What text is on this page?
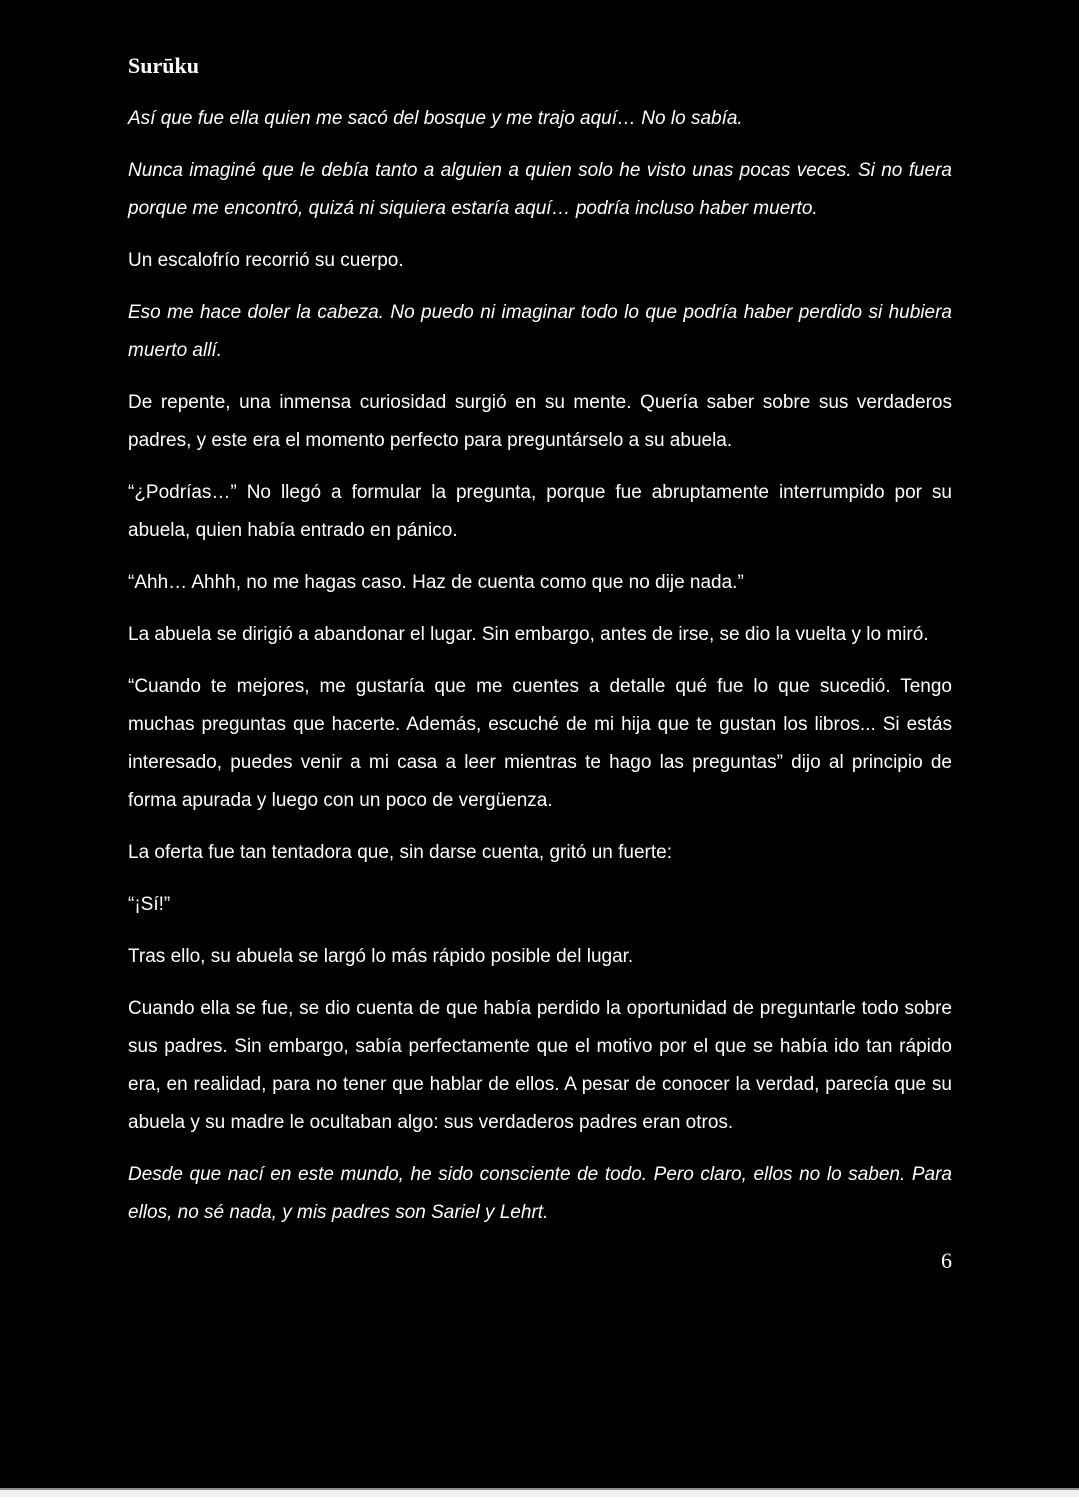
Surūku

Así que fue ella quien me sacó del bosque y me trajo aquí… No lo sabía.

Nunca imaginé que le debía tanto a alguien a quien solo he visto unas pocas veces. Si no fuera porque me encontró, quizá ni siquiera estaría aquí… podría incluso haber muerto.

Un escalofrío recorrió su cuerpo.

Eso me hace doler la cabeza. No puedo ni imaginar todo lo que podría haber perdido si hubiera muerto allí.

De repente, una inmensa curiosidad surgió en su mente. Quería saber sobre sus verdaderos padres, y este era el momento perfecto para preguntárselo a su abuela.

“¿Podrías…” No llegó a formular la pregunta, porque fue abruptamente interrumpido por su abuela, quien había entrado en pánico.

“Ahh… Ahhh, no me hagas caso. Haz de cuenta como que no dije nada.”

La abuela se dirigió a abandonar el lugar. Sin embargo, antes de irse, se dio la vuelta y lo miró.

“Cuando te mejores, me gustaría que me cuentes a detalle qué fue lo que sucedió. Tengo muchas preguntas que hacerte. Además, escuché de mi hija que te gustan los libros... Si estás interesado, puedes venir a mi casa a leer mientras te hago las preguntas” dijo al principio de forma apurada y luego con un poco de vergüenza.

La oferta fue tan tentadora que, sin darse cuenta, gritó un fuerte:

“¡Sí!”

Tras ello, su abuela se largó lo más rápido posible del lugar.

Cuando ella se fue, se dio cuenta de que había perdido la oportunidad de preguntarle todo sobre sus padres. Sin embargo, sabía perfectamente que el motivo por el que se había ido tan rápido era, en realidad, para no tener que hablar de ellos. A pesar de conocer la verdad, parecía que su abuela y su madre le ocultaban algo: sus verdaderos padres eran otros.

Desde que nací en este mundo, he sido consciente de todo. Pero claro, ellos no lo saben. Para ellos, no sé nada, y mis padres son Sariel y Lehrt.

6
